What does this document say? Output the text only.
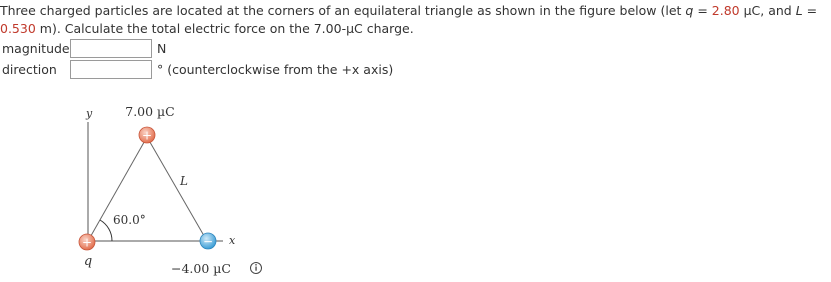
Three charged particles are located at the corners of an equilateral triangle as shown in the figure below (let q = 2.80 µC, and L = 0.530 m). Calculate the total electric force on the 7.00-µC charge.
magnitude	N
direction	° (counterclockwise from the +x axis)
+
+	−
y
x
7.00 µC
q	−4.00 µC
L
60.0°
